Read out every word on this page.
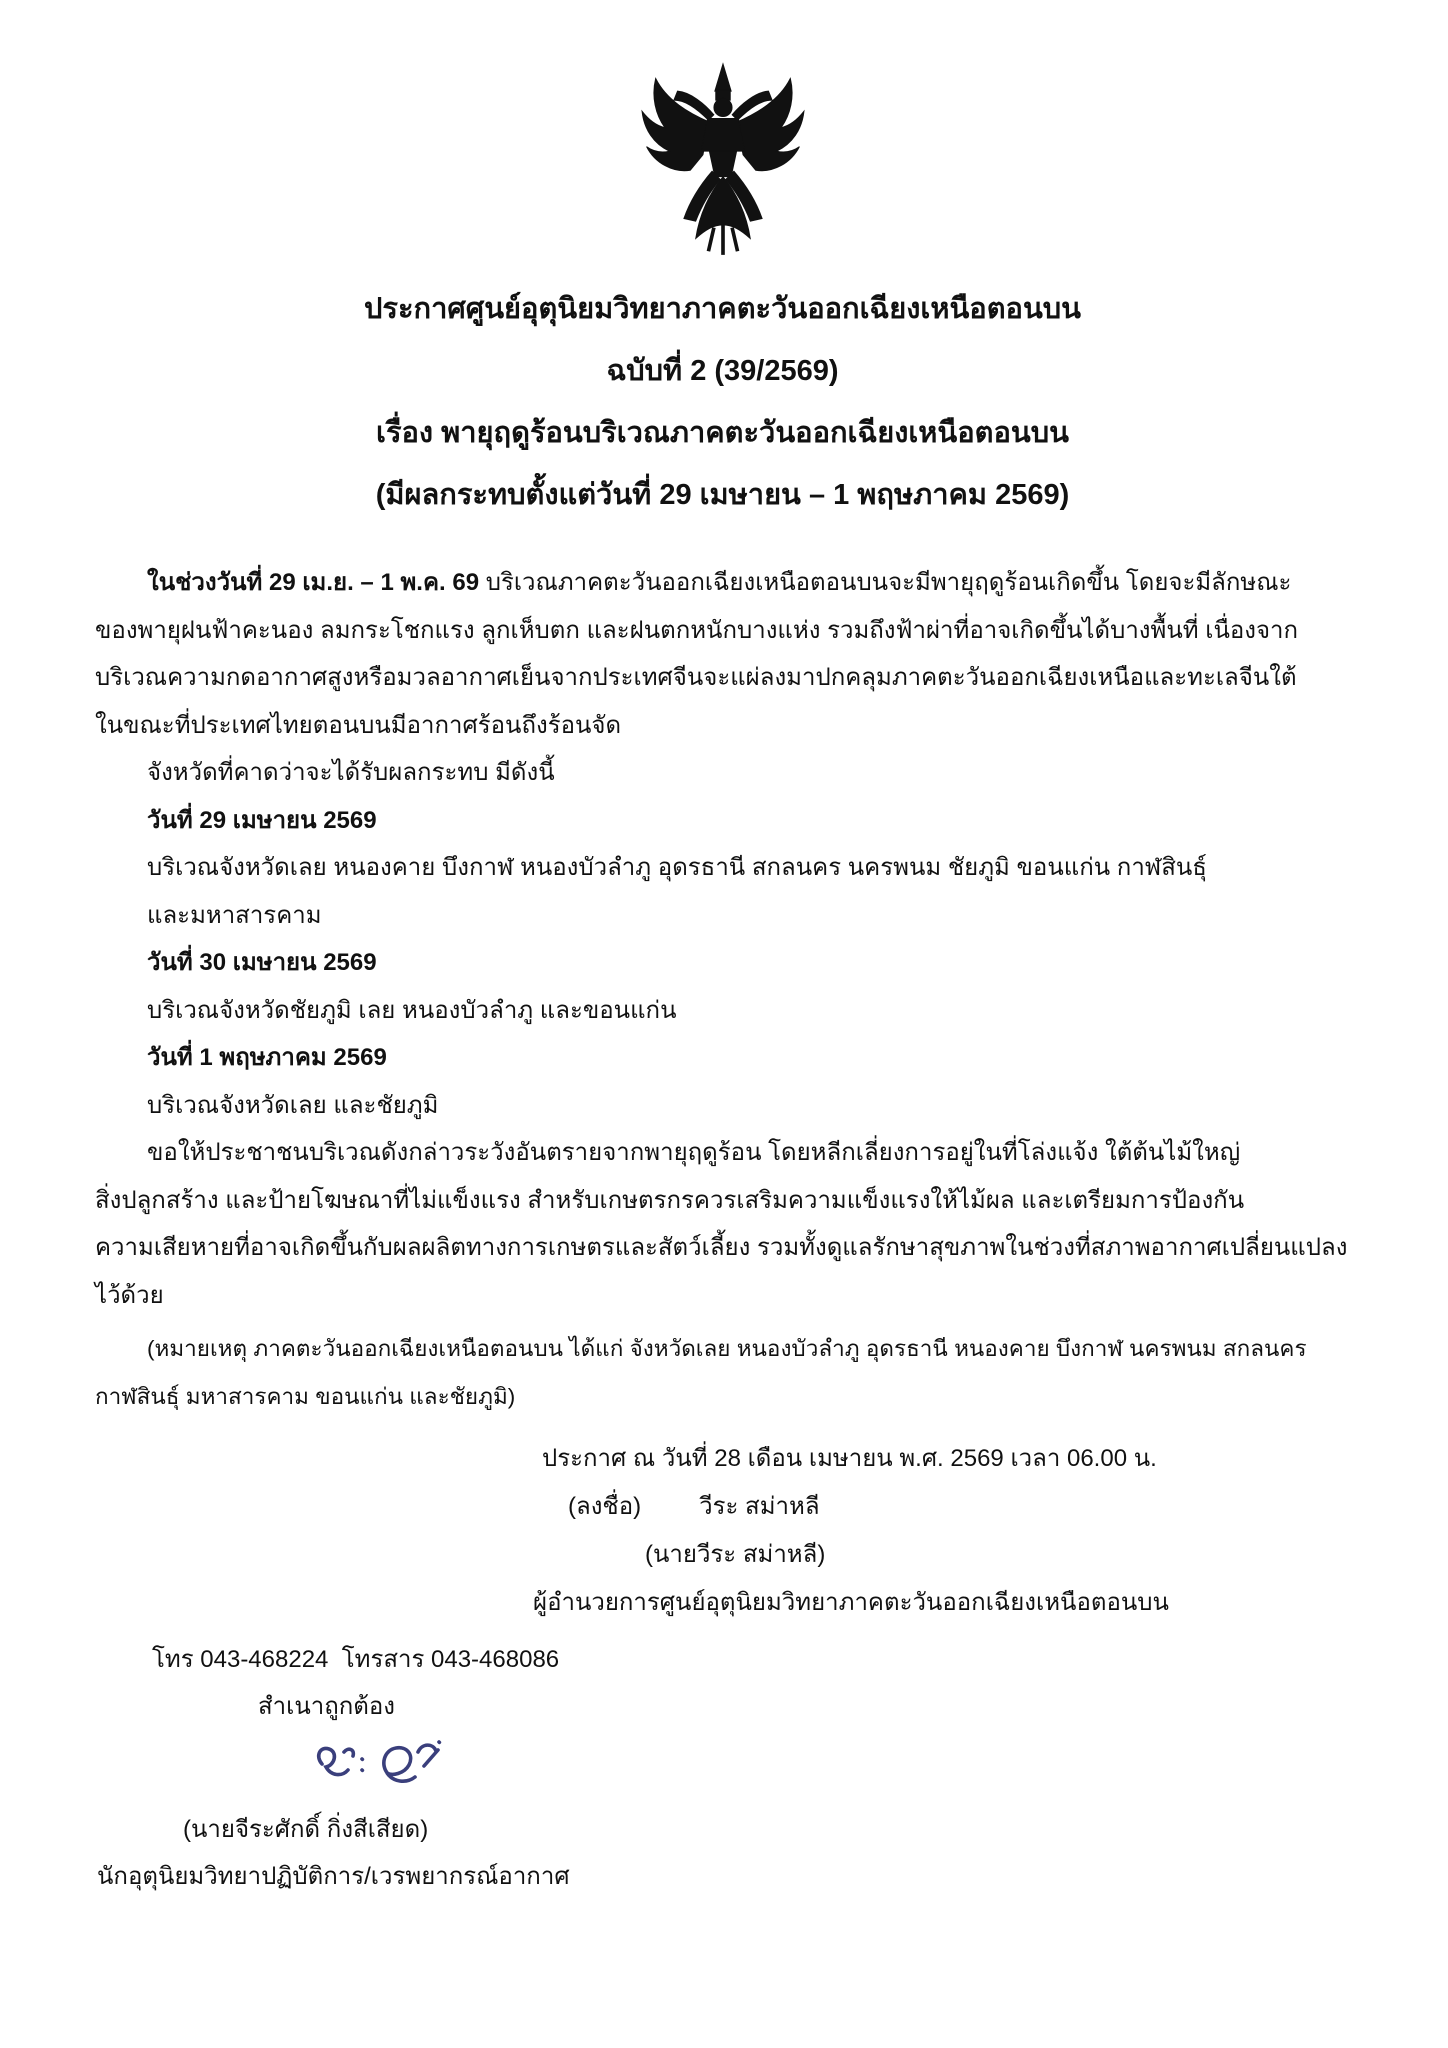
ประกาศศูนย์อุตุนิยมวิทยาภาคตะวันออกเฉียงเหนือตอนบน
ฉบับที่ 2 (39/2569)
เรื่อง พายุฤดูร้อนบริเวณภาคตะวันออกเฉียงเหนือตอนบน
(มีผลกระทบตั้งแต่วันที่ 29 เมษายน – 1 พฤษภาคม 2569)
ในช่วงวันที่ 29 เม.ย. – 1 พ.ค. 69 บริเวณภาคตะวันออกเฉียงเหนือตอนบนจะมีพายุฤดูร้อนเกิดขึ้น โดยจะมีลักษณะ
ของพายุฝนฟ้าคะนอง ลมกระโชกแรง ลูกเห็บตก และฝนตกหนักบางแห่ง รวมถึงฟ้าผ่าที่อาจเกิดขึ้นได้บางพื้นที่ เนื่องจาก
บริเวณความกดอากาศสูงหรือมวลอากาศเย็นจากประเทศจีนจะแผ่ลงมาปกคลุมภาคตะวันออกเฉียงเหนือและทะเลจีนใต้
ในขณะที่ประเทศไทยตอนบนมีอากาศร้อนถึงร้อนจัด
จังหวัดที่คาดว่าจะได้รับผลกระทบ มีดังนี้
วันที่ 29 เมษายน 2569
บริเวณจังหวัดเลย หนองคาย บึงกาฬ หนองบัวลำภู อุดรธานี สกลนคร นครพนม ชัยภูมิ ขอนแก่น กาฬสินธุ์
และมหาสารคาม
วันที่ 30 เมษายน 2569
บริเวณจังหวัดชัยภูมิ เลย หนองบัวลำภู และขอนแก่น
วันที่ 1 พฤษภาคม 2569
บริเวณจังหวัดเลย และชัยภูมิ
ขอให้ประชาชนบริเวณดังกล่าวระวังอันตรายจากพายุฤดูร้อน โดยหลีกเลี่ยงการอยู่ในที่โล่งแจ้ง ใต้ต้นไม้ใหญ่
สิ่งปลูกสร้าง และป้ายโฆษณาที่ไม่แข็งแรง สำหรับเกษตรกรควรเสริมความแข็งแรงให้ไม้ผล และเตรียมการป้องกัน
ความเสียหายที่อาจเกิดขึ้นกับผลผลิตทางการเกษตรและสัตว์เลี้ยง รวมทั้งดูแลรักษาสุขภาพในช่วงที่สภาพอากาศเปลี่ยนแปลง
ไว้ด้วย
(หมายเหตุ ภาคตะวันออกเฉียงเหนือตอนบน ได้แก่ จังหวัดเลย หนองบัวลำภู อุดรธานี หนองคาย บึงกาฬ นครพนม สกลนคร
กาฬสินธุ์ มหาสารคาม ขอนแก่น และชัยภูมิ)
ประกาศ ณ วันที่ 28 เดือน เมษายน พ.ศ. 2569 เวลา 06.00 น.
(ลงชื่อ) วีระ สม่าหลี
(นายวีระ สม่าหลี)
ผู้อำนวยการศูนย์อุตุนิยมวิทยาภาคตะวันออกเฉียงเหนือตอนบน
โทร 043-468224  โทรสาร 043-468086
สำเนาถูกต้อง
(นายจีระศักดิ์ กิ่งสีเสียด)
นักอุตุนิยมวิทยาปฏิบัติการ/เวรพยากรณ์อากาศ
